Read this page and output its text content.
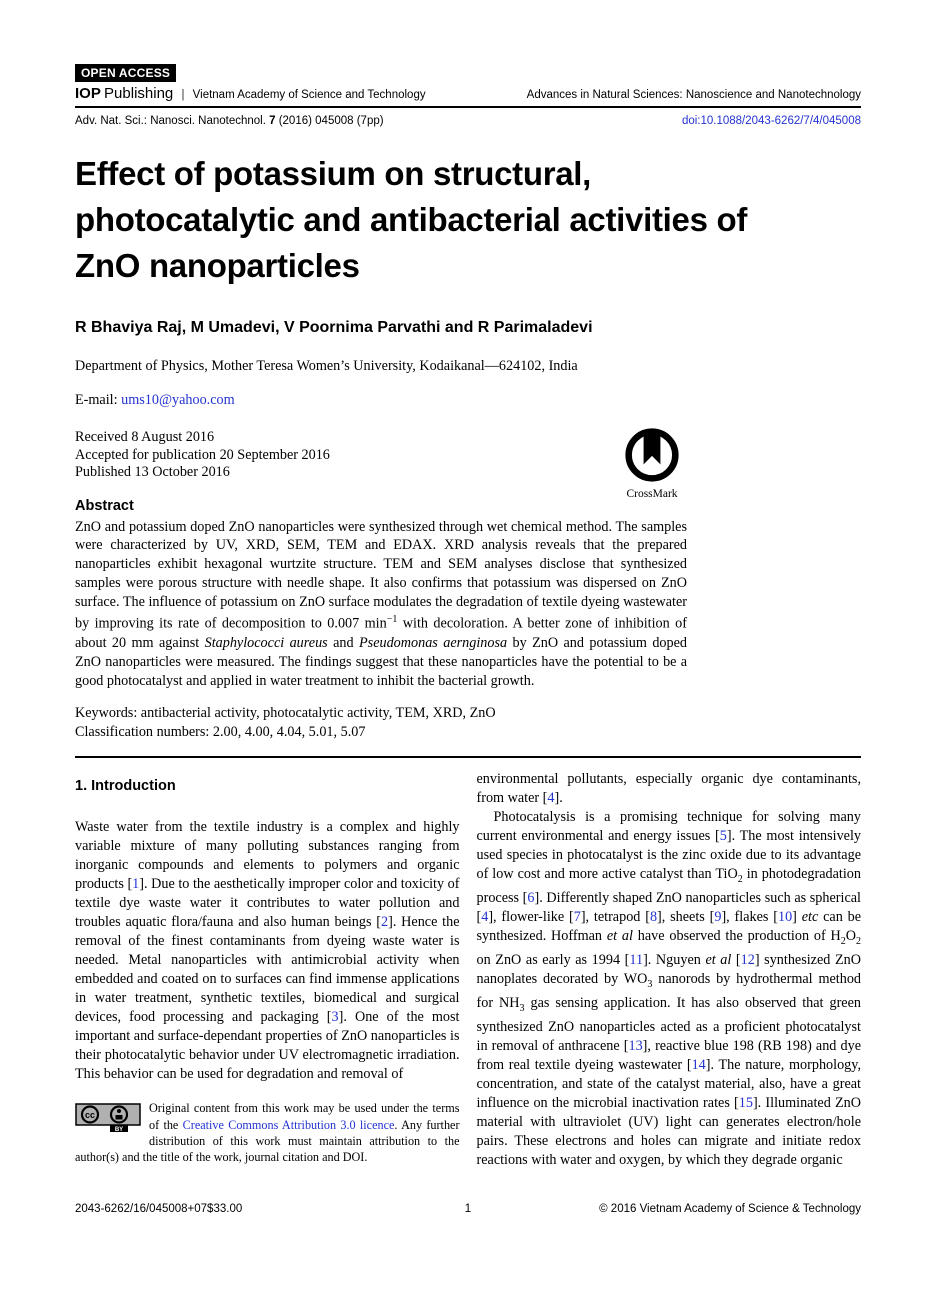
OPEN ACCESS
IOP Publishing | Vietnam Academy of Science and Technology	Advances in Natural Sciences: Nanoscience and Nanotechnology
Adv. Nat. Sci.: Nanosci. Nanotechnol. 7 (2016) 045008 (7pp)	doi:10.1088/2043-6262/7/4/045008
Effect of potassium on structural,
photocatalytic and antibacterial activities of
ZnO nanoparticles
R Bhaviya Raj, M Umadevi, V Poornima Parvathi and R Parimaladevi
Department of Physics, Mother Teresa Women’s University, Kodaikanal—624102, India
E-mail: ums10@yahoo.com
Received 8 August 2016
Accepted for publication 20 September 2016
Published 13 October 2016
CrossMark
Abstract
ZnO and potassium doped ZnO nanoparticles were synthesized through wet chemical method. The samples were characterized by UV, XRD, SEM, TEM and EDAX. XRD analysis reveals that the prepared nanoparticles exhibit hexagonal wurtzite structure. TEM and SEM analyses disclose that synthesized samples were porous structure with needle shape. It also confirms that potassium was dispersed on ZnO surface. The influence of potassium on ZnO surface modulates the degradation of textile dyeing wastewater by improving its rate of decomposition to 0.007 $\min^{-1}$ with decoloration. A better zone of inhibition of about 20 mm against Staphylococci aureus and Pseudomonas aernginosa by ZnO and potassium doped ZnO nanoparticles were measured. The findings suggest that these nanoparticles have the potential to be a good photocatalyst and applied in water treatment to inhibit the bacterial growth.
Keywords: antibacterial activity, photocatalytic activity, TEM, XRD, ZnO
Classification numbers: 2.00, 4.00, 4.04, 5.01, 5.07
1. Introduction
Waste water from the textile industry is a complex and highly variable mixture of many polluting substances ranging from inorganic compounds and elements to polymers and organic products [1]. Due to the aesthetically improper color and toxicity of textile dye waste water it contributes to water pollution and troubles aquatic flora/fauna and also human beings [2]. Hence the removal of the finest contaminants from dyeing waste water is needed. Metal nanoparticles with antimicrobial activity when embedded and coated on to surfaces can find immense applications in water treatment, synthetic textiles, biomedical and surgical devices, food processing and packaging [3]. One of the most important and surface-dependant properties of ZnO nanoparticles is their photocatalytic behavior under UV electromagnetic irradiation. This behavior can be used for degradation and removal of
cc
BY
Original content from this work may be used under the terms of the Creative Commons Attribution 3.0 licence. Any further distribution of this work must maintain attribution to the author(s) and the title of the work, journal citation and DOI.
environmental pollutants, especially organic dye contaminants, from water [4].
Photocatalysis is a promising technique for solving many current environmental and energy issues [5]. The most intensively used species in photocatalyst is the zinc oxide due to its advantage of low cost and more active catalyst than TiO$_2$ in photodegradation process [6]. Differently shaped ZnO nanoparticles such as spherical [4], flower-like [7], tetrapod [8], sheets [9], flakes [10] etc can be synthesized. Hoffman et al have observed the production of $H_2O_2$ on ZnO as early as 1994 [11]. Nguyen et al [12] synthesized ZnO nanoplates decorated by $WO_3$ nanorods by hydrothermal method for $NH_3$ gas sensing application. It has also observed that green synthesized ZnO nanoparticles acted as a proficient photocatalyst in removal of anthracene [13], reactive blue 198 (RB 198) and dye from real textile dyeing wastewater [14]. The nature, morphology, concentration, and state of the catalyst material, also, have a great influence on the microbial inactivation rates [15]. Illuminated ZnO material with ultraviolet (UV) light can generates electron/hole pairs. These electrons and holes can migrate and initiate redox reactions with water and oxygen, by which they degrade organic
2043-6262/16/045008+07$33.00	1	© 2016 Vietnam Academy of Science & Technology
